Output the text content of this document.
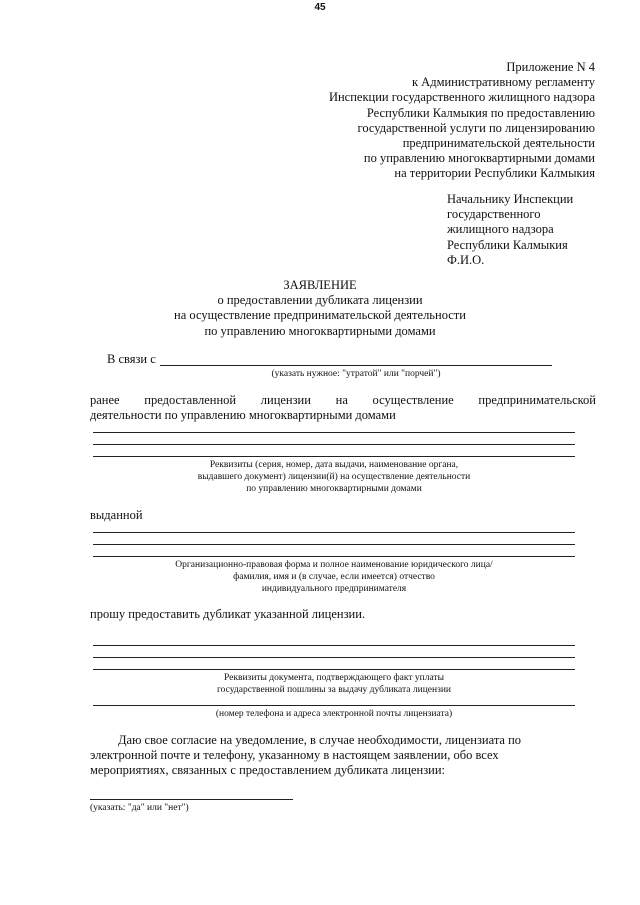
45
Приложение N 4
к Административному регламенту
Инспекции государственного жилищного надзора
Республики Калмыкия по предоставлению
государственной услуги по лицензированию
предпринимательской деятельности
по управлению многоквартирными домами
на территории Республики Калмыкия
Начальнику Инспекции
государственного
жилищного надзора
Республики Калмыкия
Ф.И.О.
ЗАЯВЛЕНИЕ
о предоставлении дубликата лицензии
на осуществление предпринимательской деятельности
по управлению многоквартирными домами
В связи с
(указать нужное: "утратой" или "порчей")
ранее предоставленной лицензии на осуществление предпринимательской
деятельности по управлению многоквартирными домами
Реквизиты (серия, номер, дата выдачи, наименование органа,
выдавшего документ) лицензии(й) на осуществление деятельности
по управлению многоквартирными домами
выданной
Организационно-правовая форма и полное наименование юридического лица/
фамилия, имя и (в случае, если имеется) отчество
индивидуального предпринимателя
прошу предоставить дубликат указанной лицензии.
Реквизиты документа, подтверждающего факт уплаты
государственной пошлины за выдачу дубликата лицензии
(номер телефона и адреса электронной почты лицензиата)
Даю свое согласие на уведомление, в случае необходимости, лицензиата по
электронной почте и телефону, указанному в настоящем заявлении, обо всех
мероприятиях, связанных с предоставлением дубликата лицензии:
(указать: "да" или "нет")
